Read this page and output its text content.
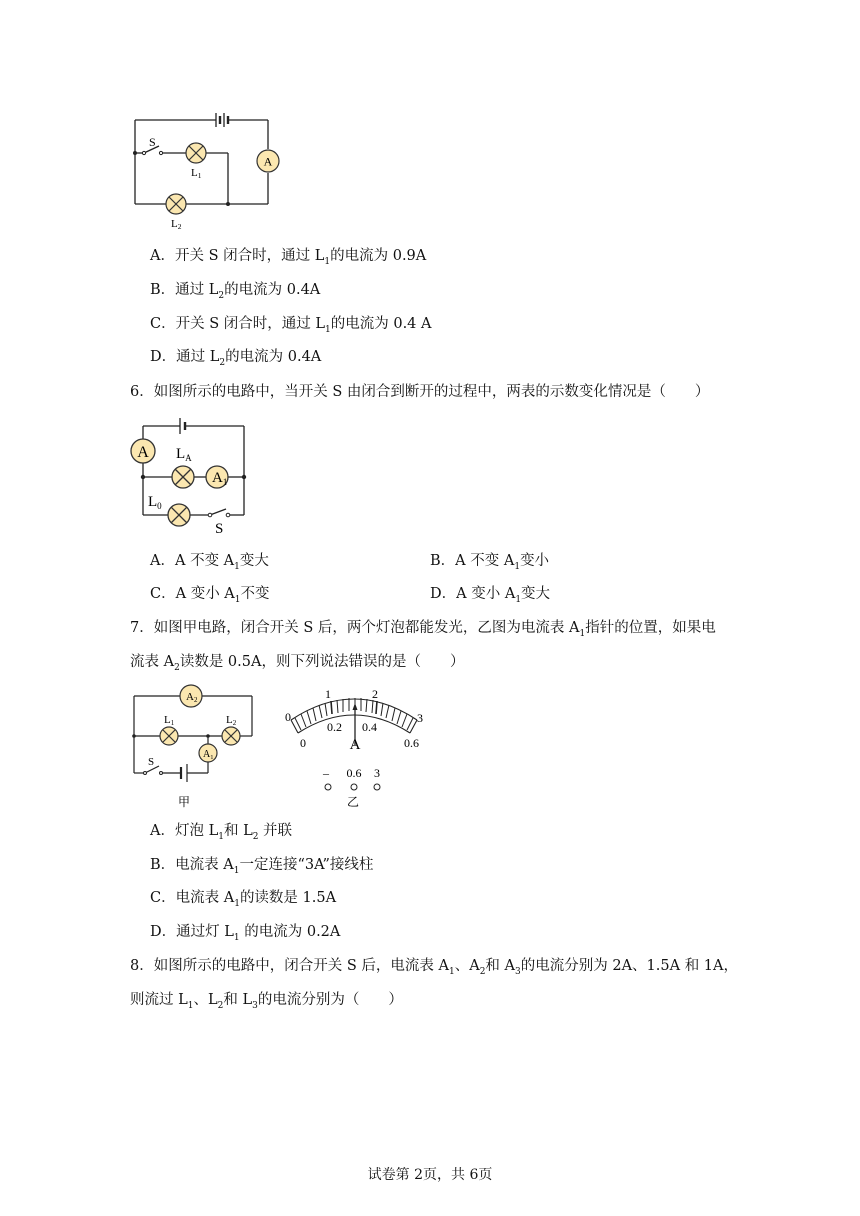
A
S
L1
L2
A．开关 S 闭合时，通过 $L_1$的电流为 0.9A
B．通过 $L_2$的电流为 0.4A
C．开关 S 闭合时，通过 $L_1$的电流为 0.4 A
D．通过 $L_2$的电流为 0.4A
6．如图所示的电路中，当开关 S 由闭合到断开的过程中，两表的示数变化情况是（　　）
A
$A_1$
$L_A$
$L_0$
S
A．A 不变 $A_1$变大	B．A 不变 $A_1$变小
C．A 变小 $A_1$不变	D．A 变小 $A_1$变大
7．如图甲电路，闭合开关 S 后，两个灯泡都能发光，乙图为电流表 $A_1$指针的位置，如果电
流表 $A_2$读数是 0.5A，则下列说法错误的是（　　）
A2
$A_1$
L1	L2
S
甲
0
1	2
3
0
0.2 0.4
0.6
A
– 0.6 3
乙
A．灯泡 $L_1$和 $L_2$ 并联
B．电流表 $A_1$一定连接“3A”接线柱
C．电流表 $A_1$的读数是 1.5A
D．通过灯 $L_1$ 的电流为 0.2A
8．如图所示的电路中，闭合开关 S 后，电流表 $A_1$、$A_2$和 $A_3$的电流分别为 2A、1.5A 和 1A，
则流过 $L_1$、$L_2$和 $L_3$的电流分别为（　　）
试卷第 2页，共 6页
